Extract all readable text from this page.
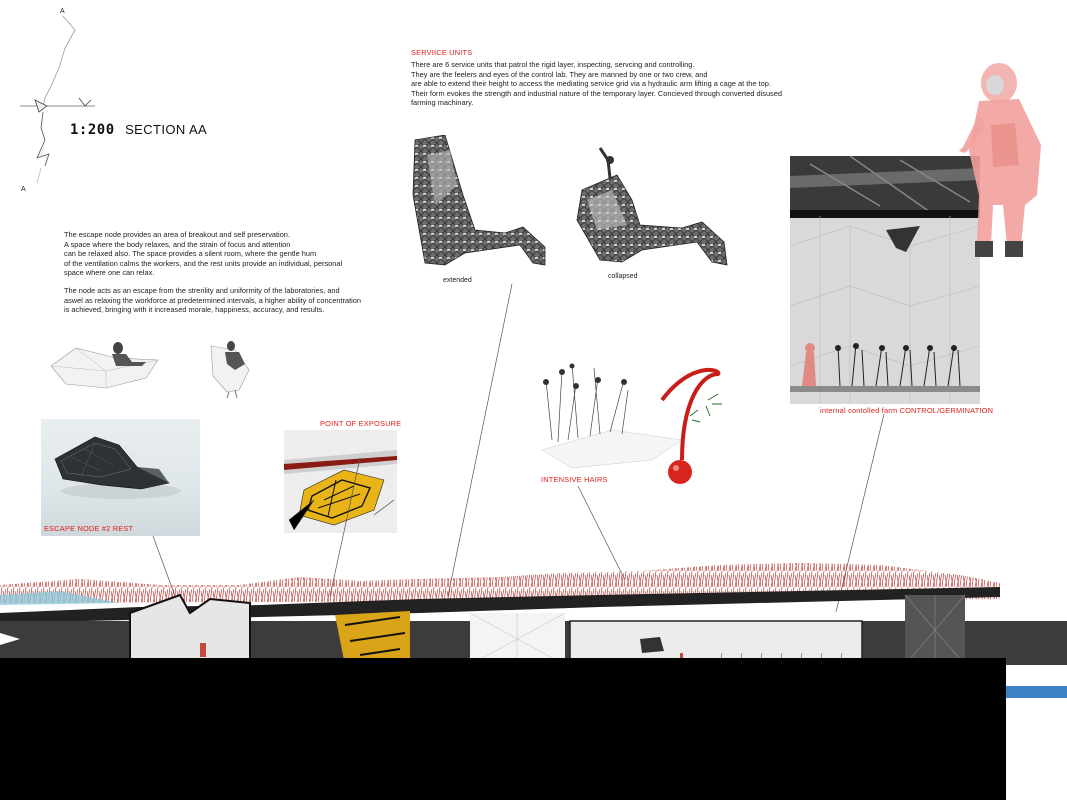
A
A
1:200 SECTION AA
SERVIICE UNITS
There are 6 service units that patrol the rigid layer, inspecting, servcing and controlling.
They are the feelers and eyes of the control lab. They are manned by one or two crew, and
are able to extend their height to access the mediating service grid via a hydraulic arm lifting a cage at the top.
Their form evokes the strength and industrial nature of the temporary layer. Concieved through converted disused
farming machinary.
The escape node provides an area of breakout and self preservation.
A space where the body relaxes, and the strain of focus and attention
can be relaxed also. The space provides a silent room, where the gentle hum
of the ventilation calms the workers, and the rest units provide an individual, personal
space where one can relax.
The node acts as an escape from the strerility and uniformity of the laboratories, and
aswel as relaxing the workforce at predetermined intervals, a higher ability of concentration
is achieved, bringing with it increased morale, happiness, accuracy, and results.
extended
collapsed
ESCAPE NODE #2 REST
POINT OF EXPOSURE
INTENSIVE HAIRS
internal contolled farm CONTROL/GERMINATION
